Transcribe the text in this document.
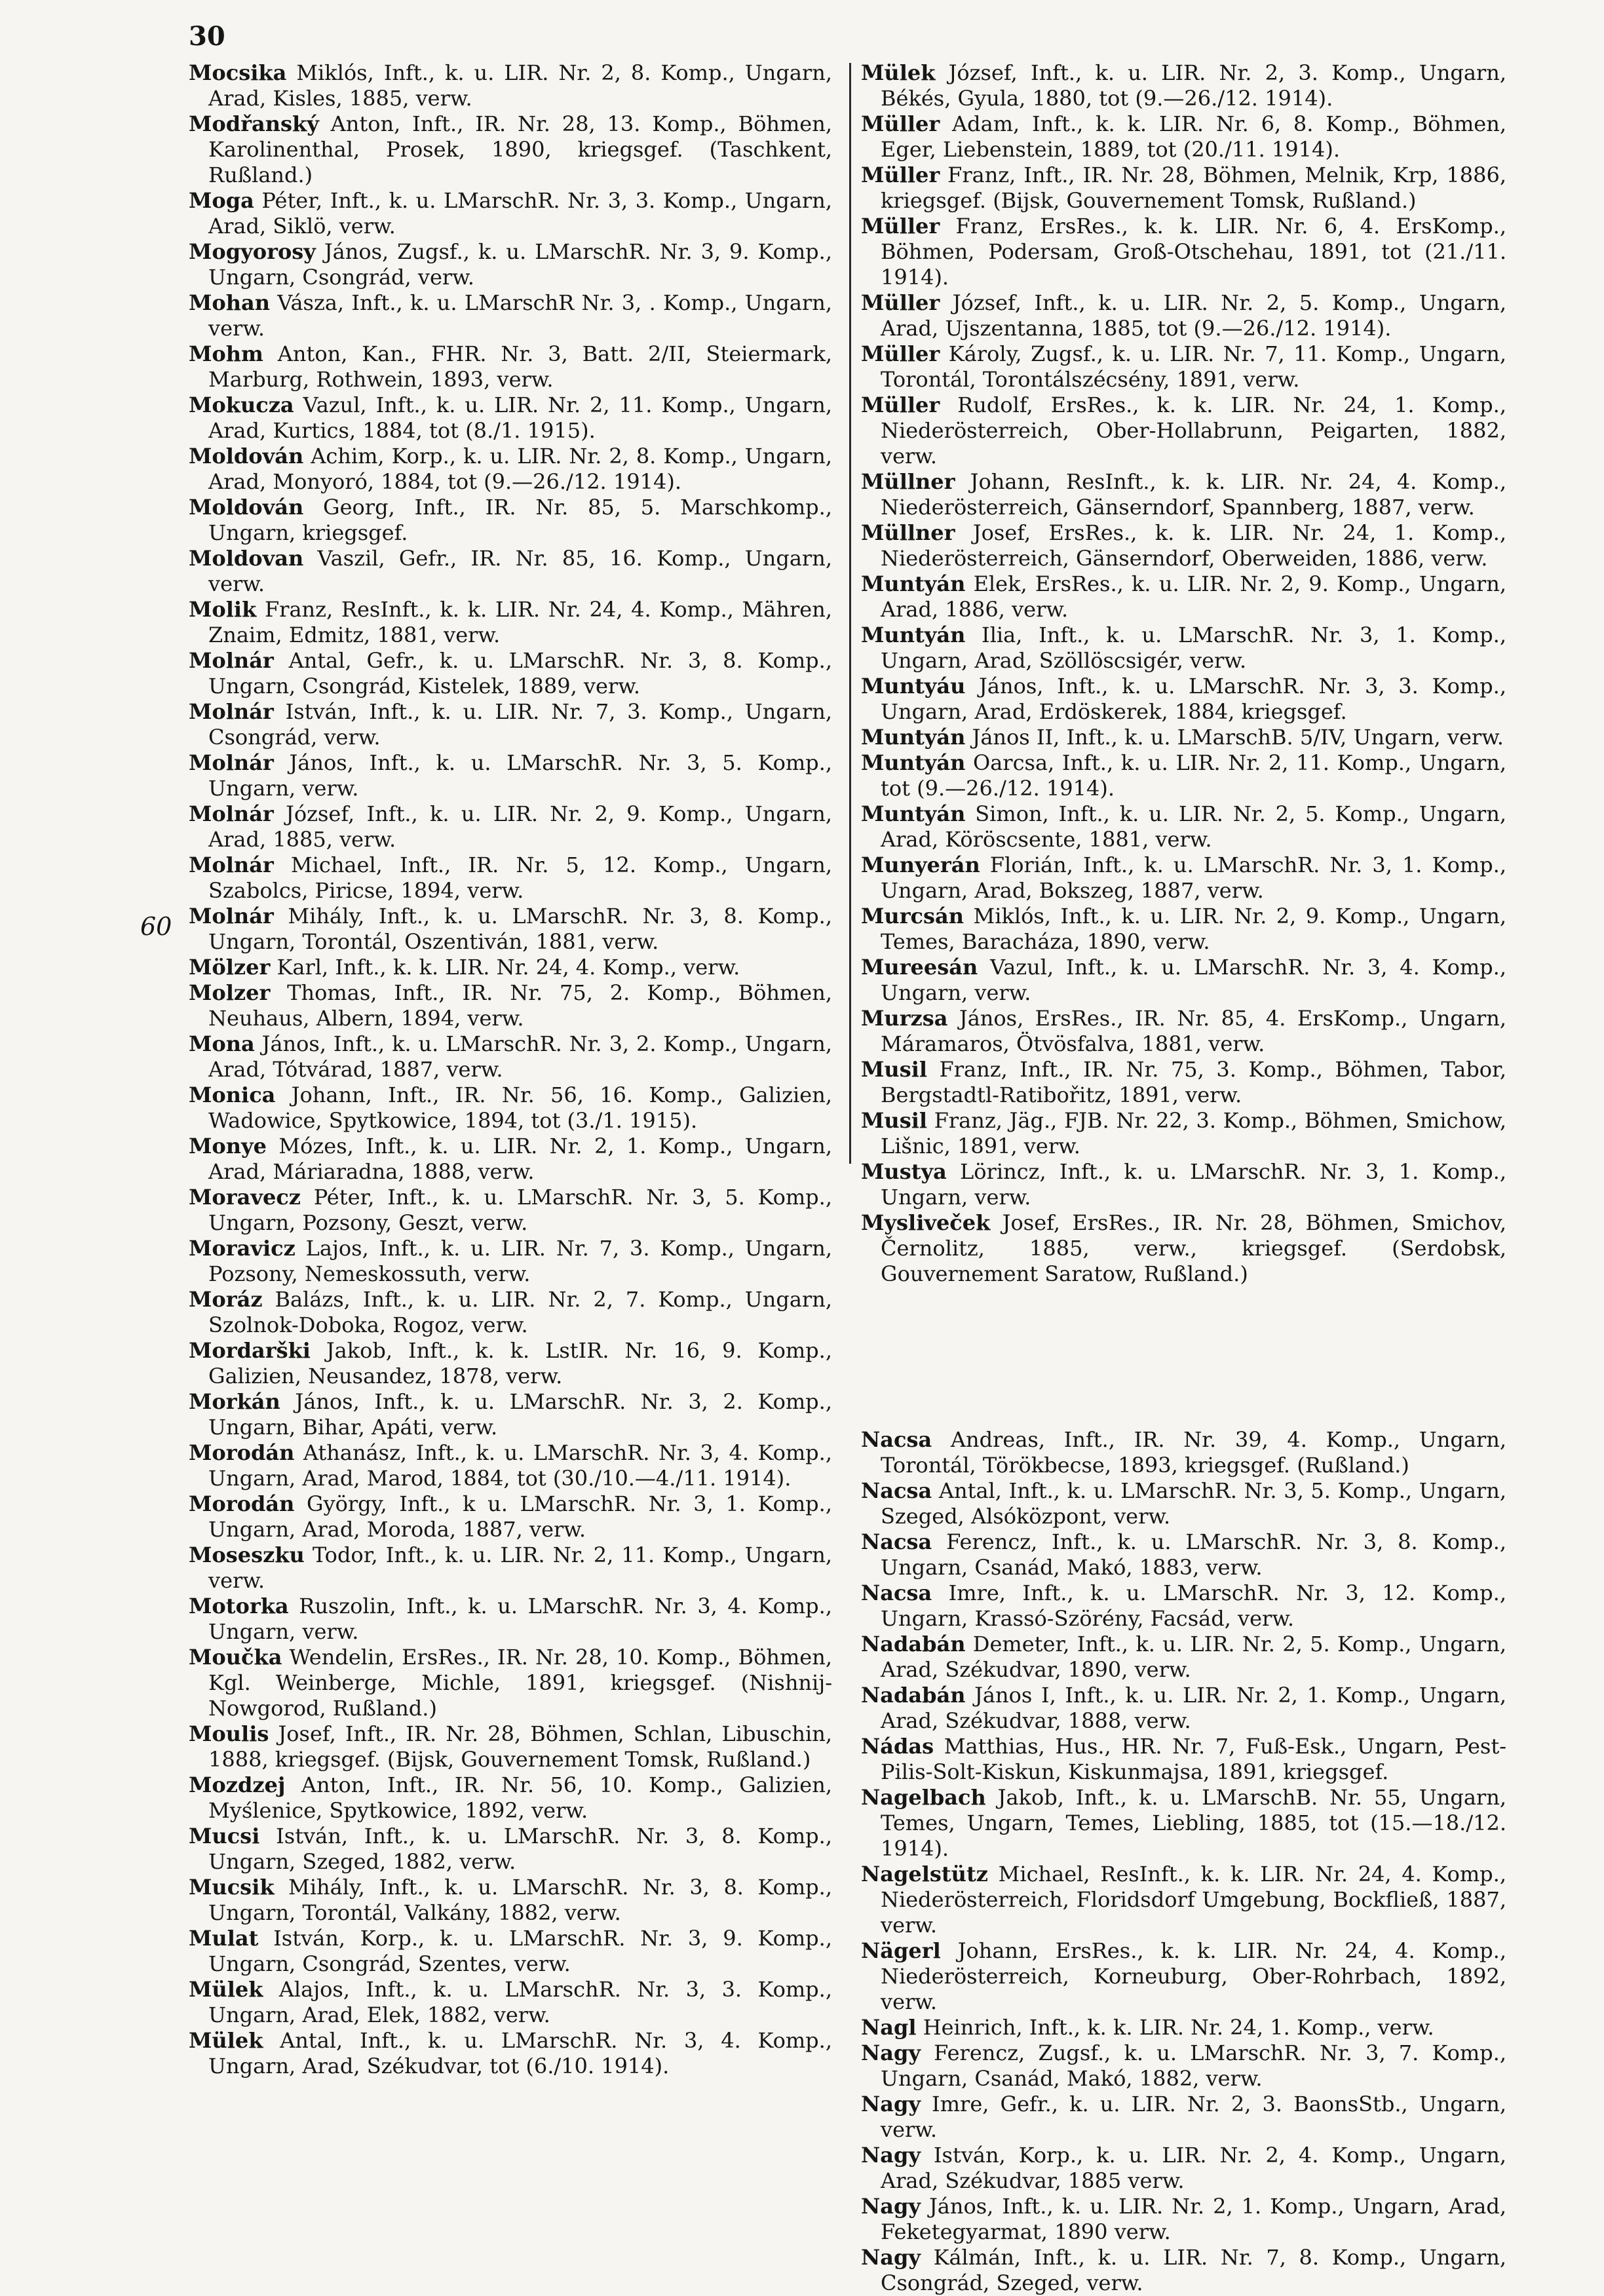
30
60
Mocsika Miklós, Inft., k. u. LIR. Nr. 2, 8. Komp., Ungarn, Arad, Kisles, 1885, verw.
Modřanský Anton, Inft., IR. Nr. 28, 13. Komp., Böhmen, Karolinenthal, Prosek, 1890, kriegsgef. (Taschkent, Rußland.)
Moga Péter, Inft., k. u. LMarschR. Nr. 3, 3. Komp., Ungarn, Arad, Siklö, verw.
Mogyorosy János, Zugsf., k. u. LMarschR. Nr. 3, 9. Komp., Ungarn, Csongrád, verw.
Mohan Vásza, Inft., k. u. LMarschR Nr. 3, . Komp., Ungarn, verw.
Mohm Anton, Kan., FHR. Nr. 3, Batt. 2/II, Steiermark, Marburg, Rothwein, 1893, verw.
Mokucza Vazul, Inft., k. u. LIR. Nr. 2, 11. Komp., Ungarn, Arad, Kurtics, 1884, tot (8./1. 1915).
Moldován Achim, Korp., k. u. LIR. Nr. 2, 8. Komp., Ungarn, Arad, Monyoró, 1884, tot (9.—26./12. 1914).
Moldován Georg, Inft., IR. Nr. 85, 5. Marschkomp., Ungarn, kriegsgef.
Moldovan Vaszil, Gefr., IR. Nr. 85, 16. Komp., Ungarn, verw.
Molik Franz, ResInft., k. k. LIR. Nr. 24, 4. Komp., Mähren, Znaim, Edmitz, 1881, verw.
Molnár Antal, Gefr., k. u. LMarschR. Nr. 3, 8. Komp., Ungarn, Csongrád, Kistelek, 1889, verw.
Molnár István, Inft., k. u. LIR. Nr. 7, 3. Komp., Ungarn, Csongrád, verw.
Molnár János, Inft., k. u. LMarschR. Nr. 3, 5. Komp., Ungarn, verw.
Molnár József, Inft., k. u. LIR. Nr. 2, 9. Komp., Ungarn, Arad, 1885, verw.
Molnár Michael, Inft., IR. Nr. 5, 12. Komp., Ungarn, Szabolcs, Piricse, 1894, verw.
Molnár Mihály, Inft., k. u. LMarschR. Nr. 3, 8. Komp., Ungarn, Torontál, Oszentiván, 1881, verw.
Mölzer Karl, Inft., k. k. LIR. Nr. 24, 4. Komp., verw.
Molzer Thomas, Inft., IR. Nr. 75, 2. Komp., Böhmen, Neuhaus, Albern, 1894, verw.
Mona János, Inft., k. u. LMarschR. Nr. 3, 2. Komp., Ungarn, Arad, Tótvárad, 1887, verw.
Monica Johann, Inft., IR. Nr. 56, 16. Komp., Galizien, Wadowice, Spytkowice, 1894, tot (3./1. 1915).
Monye Mózes, Inft., k. u. LIR. Nr. 2, 1. Komp., Ungarn, Arad, Máriaradna, 1888, verw.
Moravecz Péter, Inft., k. u. LMarschR. Nr. 3, 5. Komp., Ungarn, Pozsony, Geszt, verw.
Moravicz Lajos, Inft., k. u. LIR. Nr. 7, 3. Komp., Ungarn, Pozsony, Nemeskossuth, verw.
Moráz Balázs, Inft., k. u. LIR. Nr. 2, 7. Komp., Ungarn, Szolnok-Doboka, Rogoz, verw.
Mordarški Jakob, Inft., k. k. LstIR. Nr. 16, 9. Komp., Galizien, Neusandez, 1878, verw.
Morkán János, Inft., k. u. LMarschR. Nr. 3, 2. Komp., Ungarn, Bihar, Apáti, verw.
Morodán Athanász, Inft., k. u. LMarschR. Nr. 3, 4. Komp., Ungarn, Arad, Marod, 1884, tot (30./10.—4./11. 1914).
Morodán György, Inft., k u. LMarschR. Nr. 3, 1. Komp., Ungarn, Arad, Moroda, 1887, verw.
Moseszku Todor, Inft., k. u. LIR. Nr. 2, 11. Komp., Ungarn, verw.
Motorka Ruszolin, Inft., k. u. LMarschR. Nr. 3, 4. Komp., Ungarn, verw.
Moučka Wendelin, ErsRes., IR. Nr. 28, 10. Komp., Böhmen, Kgl. Weinberge, Michle, 1891, kriegsgef. (Nishnij-Nowgorod, Rußland.)
Moulis Josef, Inft., IR. Nr. 28, Böhmen, Schlan, Libuschin, 1888, kriegsgef. (Bijsk, Gouvernement Tomsk, Rußland.)
Mozdzej Anton, Inft., IR. Nr. 56, 10. Komp., Galizien, Myślenice, Spytkowice, 1892, verw.
Mucsi István, Inft., k. u. LMarschR. Nr. 3, 8. Komp., Ungarn, Szeged, 1882, verw.
Mucsik Mihály, Inft., k. u. LMarschR. Nr. 3, 8. Komp., Ungarn, Torontál, Valkány, 1882, verw.
Mulat István, Korp., k. u. LMarschR. Nr. 3, 9. Komp., Ungarn, Csongrád, Szentes, verw.
Mülek Alajos, Inft., k. u. LMarschR. Nr. 3, 3. Komp., Ungarn, Arad, Elek, 1882, verw.
Mülek Antal, Inft., k. u. LMarschR. Nr. 3, 4. Komp., Ungarn, Arad, Székudvar, tot (6./10. 1914).
Mülek József, Inft., k. u. LIR. Nr. 2, 3. Komp., Ungarn, Békés, Gyula, 1880, tot (9.—26./12. 1914).
Müller Adam, Inft., k. k. LIR. Nr. 6, 8. Komp., Böhmen, Eger, Liebenstein, 1889, tot (20./11. 1914).
Müller Franz, Inft., IR. Nr. 28, Böhmen, Melnik, Krp, 1886, kriegsgef. (Bijsk, Gouvernement Tomsk, Rußland.)
Müller Franz, ErsRes., k. k. LIR. Nr. 6, 4. ErsKomp., Böhmen, Podersam, Groß-Otschehau, 1891, tot (21./11. 1914).
Müller József, Inft., k. u. LIR. Nr. 2, 5. Komp., Ungarn, Arad, Ujszentanna, 1885, tot (9.—26./12. 1914).
Müller Károly, Zugsf., k. u. LIR. Nr. 7, 11. Komp., Ungarn, Torontál, Torontálszécsény, 1891, verw.
Müller Rudolf, ErsRes., k. k. LIR. Nr. 24, 1. Komp., Niederösterreich, Ober-Hollabrunn, Peigarten, 1882, verw.
Müllner Johann, ResInft., k. k. LIR. Nr. 24, 4. Komp., Niederösterreich, Gänserndorf, Spannberg, 1887, verw.
Müllner Josef, ErsRes., k. k. LIR. Nr. 24, 1. Komp., Niederösterreich, Gänserndorf, Oberweiden, 1886, verw.
Muntyán Elek, ErsRes., k. u. LIR. Nr. 2, 9. Komp., Ungarn, Arad, 1886, verw.
Muntyán Ilia, Inft., k. u. LMarschR. Nr. 3, 1. Komp., Ungarn, Arad, Szöllöscsigér, verw.
Muntyáu János, Inft., k. u. LMarschR. Nr. 3, 3. Komp., Ungarn, Arad, Erdöskerek, 1884, kriegsgef.
Muntyán János II, Inft., k. u. LMarschB. 5/IV, Ungarn, verw.
Muntyán Oarcsa, Inft., k. u. LIR. Nr. 2, 11. Komp., Ungarn, tot (9.—26./12. 1914).
Muntyán Simon, Inft., k. u. LIR. Nr. 2, 5. Komp., Ungarn, Arad, Köröscsente, 1881, verw.
Munyerán Florián, Inft., k. u. LMarschR. Nr. 3, 1. Komp., Ungarn, Arad, Bokszeg, 1887, verw.
Murcsán Miklós, Inft., k. u. LIR. Nr. 2, 9. Komp., Ungarn, Temes, Baracháza, 1890, verw.
Mureesán Vazul, Inft., k. u. LMarschR. Nr. 3, 4. Komp., Ungarn, verw.
Murzsa János, ErsRes., IR. Nr. 85, 4. ErsKomp., Ungarn, Máramaros, Ötvösfalva, 1881, verw.
Musil Franz, Inft., IR. Nr. 75, 3. Komp., Böhmen, Tabor, Bergstadtl-Ratibořitz, 1891, verw.
Musil Franz, Jäg., FJB. Nr. 22, 3. Komp., Böhmen, Smichow, Lišnic, 1891, verw.
Mustya Lörincz, Inft., k. u. LMarschR. Nr. 3, 1. Komp., Ungarn, verw.
Mysliveček Josef, ErsRes., IR. Nr. 28, Böhmen, Smichov, Černolitz, 1885, verw., kriegsgef. (Serdobsk, Gouvernement Saratow, Rußland.)
Nacsa Andreas, Inft., IR. Nr. 39, 4. Komp., Ungarn, Torontál, Törökbecse, 1893, kriegsgef. (Rußland.)
Nacsa Antal, Inft., k. u. LMarschR. Nr. 3, 5. Komp., Ungarn, Szeged, Alsóközpont, verw.
Nacsa Ferencz, Inft., k. u. LMarschR. Nr. 3, 8. Komp., Ungarn, Csanád, Makó, 1883, verw.
Nacsa Imre, Inft., k. u. LMarschR. Nr. 3, 12. Komp., Ungarn, Krassó-Szörény, Facsád, verw.
Nadabán Demeter, Inft., k. u. LIR. Nr. 2, 5. Komp., Ungarn, Arad, Székudvar, 1890, verw.
Nadabán János I, Inft., k. u. LIR. Nr. 2, 1. Komp., Ungarn, Arad, Székudvar, 1888, verw.
Nádas Matthias, Hus., HR. Nr. 7, Fuß-Esk., Ungarn, Pest-Pilis-Solt-Kiskun, Kiskunmajsa, 1891, kriegsgef.
Nagelbach Jakob, Inft., k. u. LMarschB. Nr. 55, Ungarn, Temes, Ungarn, Temes, Liebling, 1885, tot (15.—18./12. 1914).
Nagelstütz Michael, ResInft., k. k. LIR. Nr. 24, 4. Komp., Niederösterreich, Floridsdorf Umgebung, Bockfließ, 1887, verw.
Nägerl Johann, ErsRes., k. k. LIR. Nr. 24, 4. Komp., Niederösterreich, Korneuburg, Ober-Rohrbach, 1892, verw.
Nagl Heinrich, Inft., k. k. LIR. Nr. 24, 1. Komp., verw.
Nagy Ferencz, Zugsf., k. u. LMarschR. Nr. 3, 7. Komp., Ungarn, Csanád, Makó, 1882, verw.
Nagy Imre, Gefr., k. u. LIR. Nr. 2, 3. BaonsStb., Ungarn, verw.
Nagy István, Korp., k. u. LIR. Nr. 2, 4. Komp., Ungarn, Arad, Székudvar, 1885 verw.
Nagy János, Inft., k. u. LIR. Nr. 2, 1. Komp., Ungarn, Arad, Feketegyarmat, 1890 verw.
Nagy Kálmán, Inft., k. u. LIR. Nr. 7, 8. Komp., Ungarn, Csongrád, Szeged, verw.
